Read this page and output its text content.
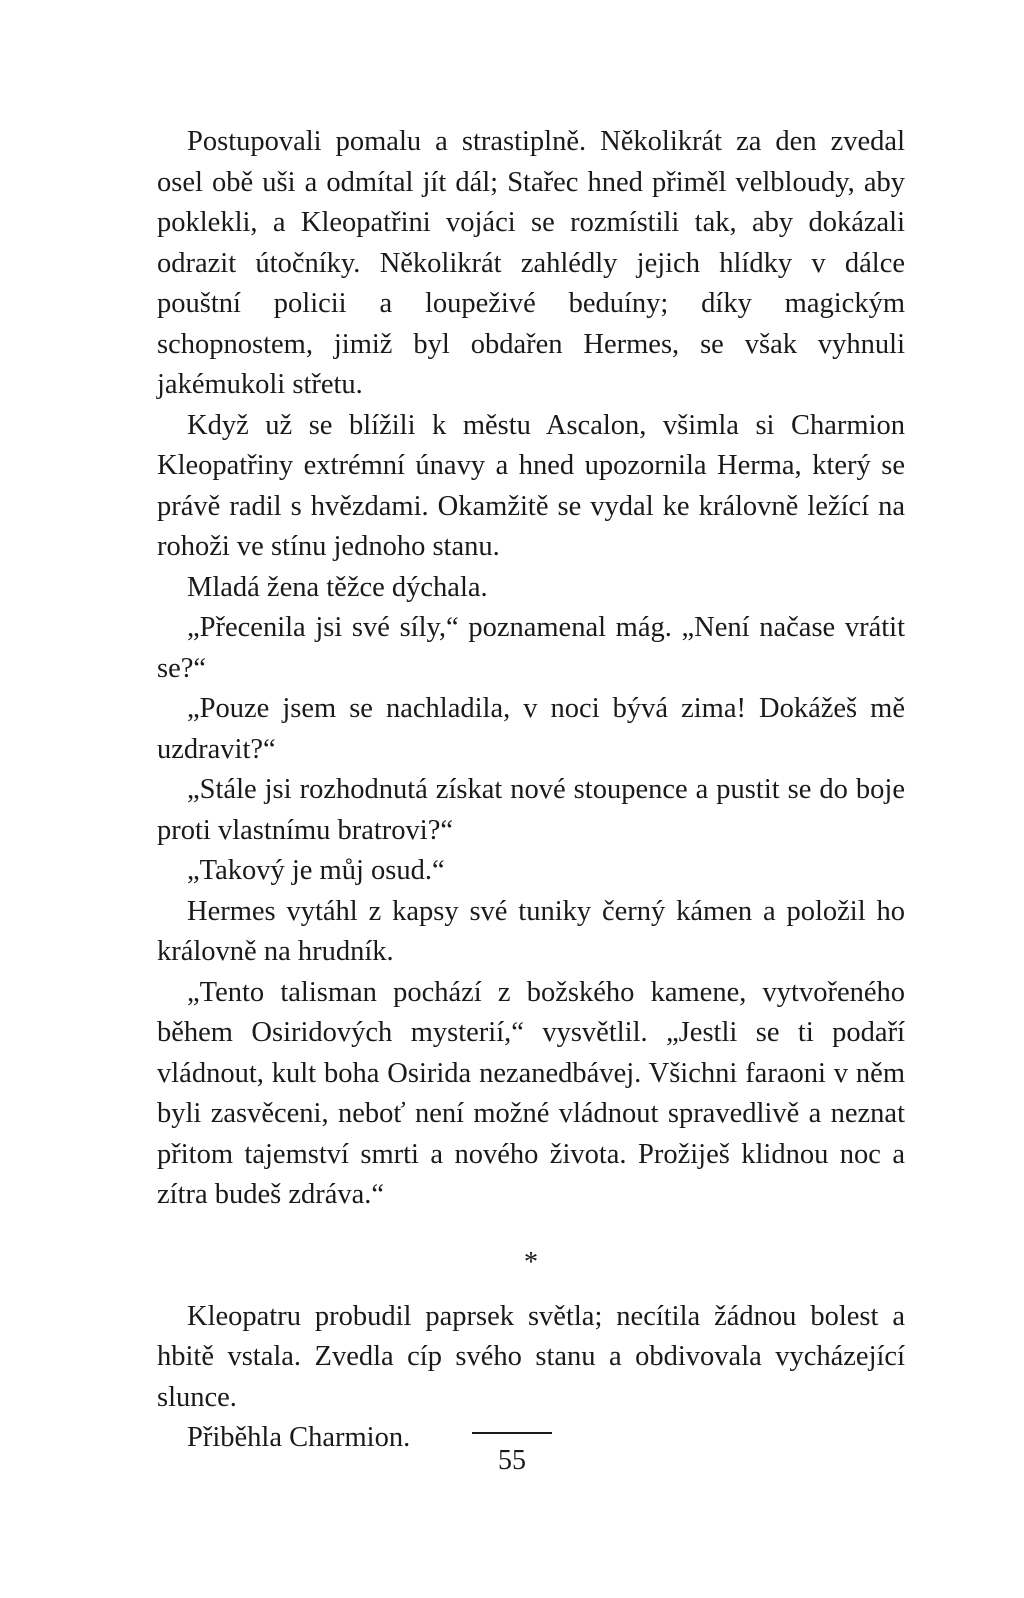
Postupovali pomalu a strastiplně. Několikrát za den zvedal osel obě uši a odmítal jít dál; Stařec hned přiměl velbloudy, aby poklekli, a Kleopatřini vojáci se rozmístili tak, aby dokázali odrazit útočníky. Několikrát zahlédly jejich hlídky v dálce pouštní policii a loupeživé beduíny; díky magickým schopnostem, jimiž byl obdařen Hermes, se však vyhnuli jakémukoli střetu.

Když už se blížili k městu Ascalon, všimla si Charmion Kleopatřiny extrémní únavy a hned upozornila Herma, který se právě radil s hvězdami. Okamžitě se vydal ke královně ležící na rohoži ve stínu jednoho stanu.

Mladá žena těžce dýchala.

„Přecenila jsi své síly,“ poznamenal mág. „Není načase vrátit se?“

„Pouze jsem se nachladila, v noci bývá zima! Dokážeš mě uzdravit?“

„Stále jsi rozhodnutá získat nové stoupence a pustit se do boje proti vlastnímu bratrovi?“

„Takový je můj osud.“

Hermes vytáhl z kapsy své tuniky černý kámen a položil ho královně na hrudník.

„Tento talisman pochází z božského kamene, vytvořeného během Osiridových mysterií,“ vysvětlil. „Jestli se ti podaří vládnout, kult boha Osirida nezanedbávej. Všichni faraoni v něm byli zasvěceni, neboť není možné vládnout spravedlivě a neznat přitom tajemství smrti a nového života. Prožiješ klidnou noc a zítra budeš zdráva.“

*

Kleopatru probudil paprsek světla; necítila žádnou bolest a hbitě vstala. Zvedla cíp svého stanu a obdivovala vycházející slunce.

Přiběhla Charmion.

55
